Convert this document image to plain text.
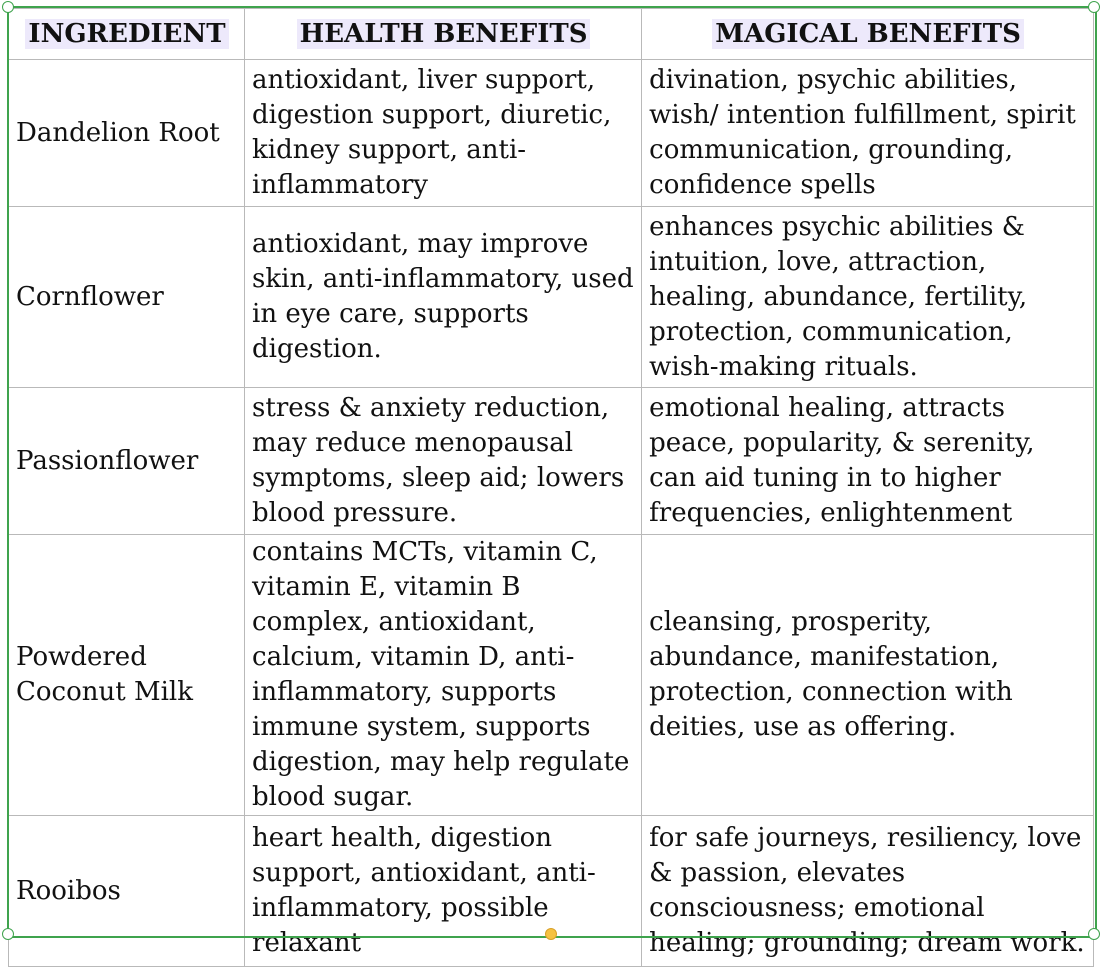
INGREDIENT	HEALTH BENEFITS	MAGICAL BENEFITS
Dandelion Root	antioxidant, liver support, digestion support, diuretic, kidney support, anti-inflammatory	divination, psychic abilities, wish/ intention fulfillment, spirit communication, grounding, confidence spells
Cornflower	antioxidant, may improve skin, anti-inflammatory, used in eye care, supports digestion.	enhances psychic abilities & intuition, love, attraction, healing, abundance, fertility, protection, communication, wish-making rituals.
Passionflower	stress & anxiety reduction, may reduce menopausal symptoms, sleep aid; lowers blood pressure.	emotional healing, attracts peace, popularity, & serenity, can aid tuning in to higher frequencies, enlightenment
Powdered Coconut Milk	contains MCTs, vitamin C, vitamin E, vitamin B complex, antioxidant, calcium, vitamin D, anti-inflammatory, supports immune system, supports digestion, may help regulate blood sugar.	cleansing, prosperity, abundance, manifestation, protection, connection with deities, use as offering.
Rooibos	heart health, digestion support, antioxidant, anti-inflammatory, possible relaxant	for safe journeys, resiliency, love & passion, elevates consciousness; emotional healing; grounding; dream work.
